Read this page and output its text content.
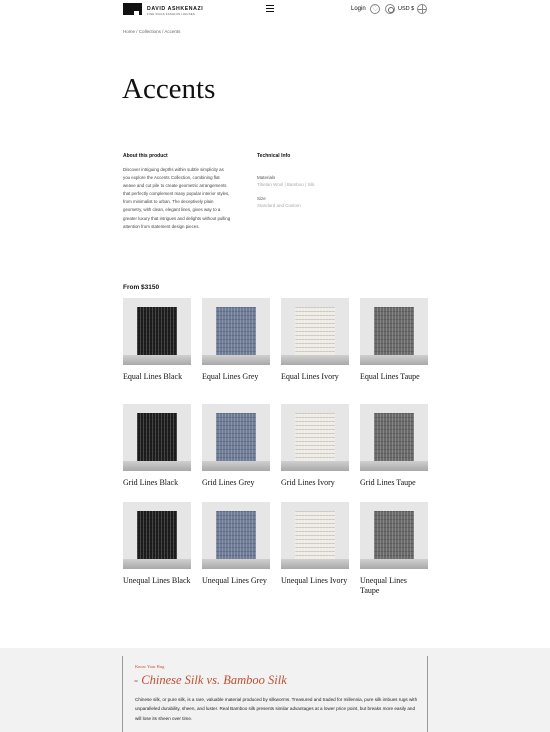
DAVID ASHKENAZI
FINE RUGS FASHION HOUSES
Login
♡	USD $
Home / Collections / Accents
Accents
About this product
Discover intriguing depths within subtle simplicity as you explore the Accents Collection, combining flat weave and cut pile to create geometric arrangements that perfectly complement many popular interior styles, from minimalist to urban. The deceptively plain geometry, with clean, elegant lines, gives way to a greater luxury that intrigues and delights without pulling attention from statement design pieces.
Technical Info
Materials
Tibetan Wool | Bamboo | Silk
Size
Standard and Custom
From $3150
Equal Lines Black	Equal Lines Grey	Equal Lines Ivory	Equal Lines Taupe
Grid Lines Black	Grid Lines Grey	Grid Lines Ivory	Grid Lines Taupe
Unequal Lines Black Unequal Lines Grey	Unequal Lines Ivory Unequal Lines Taupe
Know Your Rug
- Chinese Silk vs. Bamboo Silk
Chinese silk, or pure silk, is a rare, valuable material produced by silkworms. Treasured and traded for millennia, pure silk imbues rugs with unparalleled durability, sheen, and luster. Real Bamboo silk presents similar advantages at a lower price point, but breaks more easily and will lose its sheen over time.
